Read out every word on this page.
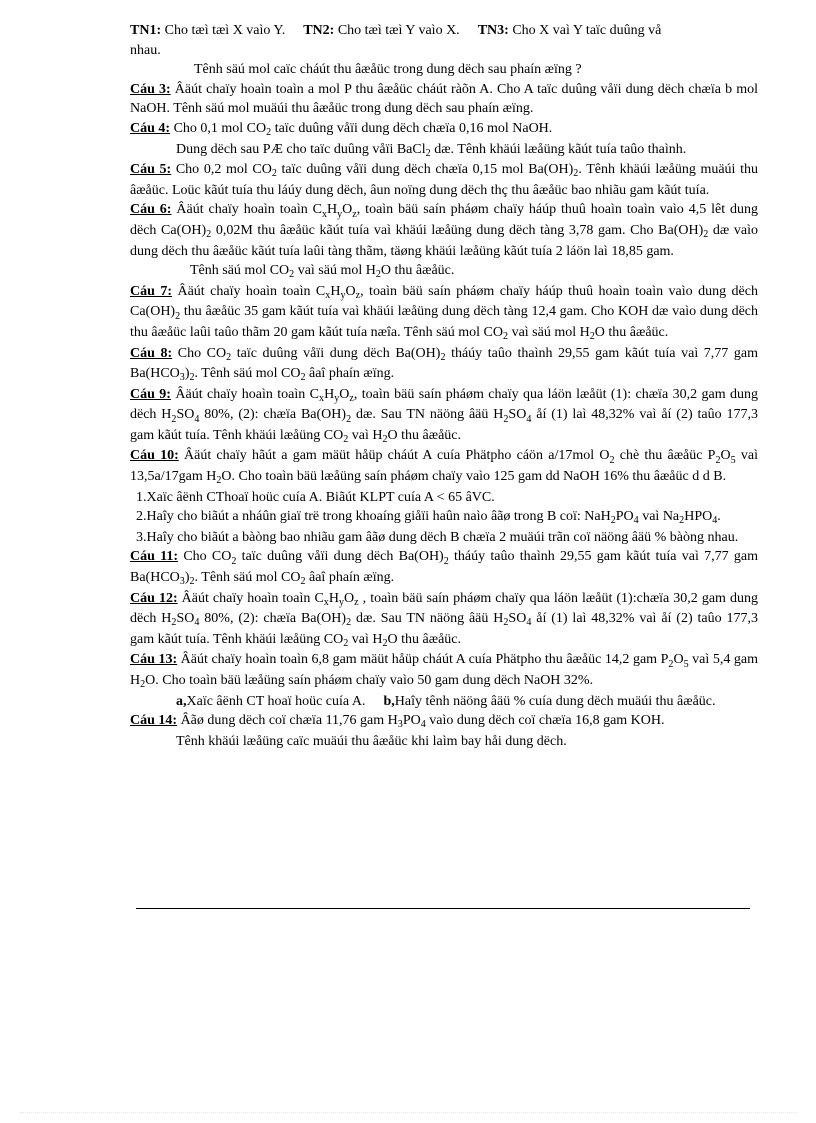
TN1: Cho tæì tæì X vaìo Y. TN2: Cho tæì tæì Y vaìo X. TN3: Cho X vaì Y taïc duûng vå

nhau.

Tênh säú mol caïc cháút thu âæåüc trong dung dëch sau phaín æïng ?

Cáu 3: Âäút chaïy hoaìn toaìn a mol P thu âæåüc cháút ràõn A. Cho A taïc duûng våïi dung dëch chæïa b mol NaOH. Tênh säú mol muäúi thu âæåüc trong dung dëch sau phaín æïng.

Cáu 4: Cho 0,1 mol $CO_2$ taïc duûng våïi dung dëch chæïa 0,16 mol NaOH.

Dung dëch sau PÆ cho taïc duûng våïi BaCl$_2$ dæ. Tênh khäúi læåüng kãút tuía taûo thaình.

Cáu 5: Cho 0,2 mol $CO_2$ taïc duûng våïi dung dëch chæïa 0,15 mol $Ba(OH)_2$. Tênh khäúi læåüng muäúi thu âæåüc. Loüc kãút tuía thu láúy dung dëch, âun noïng dung dëch thç thu âæåüc bao nhiãu gam kãút tuía.

Cáu 6: Âäút chaïy hoaìn toaìn $C_xH_yO_z$, toaìn bäü saín pháøm chaïy háúp thuû hoaìn toaìn vaìo 4,5 lêt dung dëch $Ca(OH)_2$ 0,02M thu âæåüc kãút tuía vaì khäúi læåüng dung dëch tàng 3,78 gam. Cho $Ba(OH)_2$ dæ vaìo dung dëch thu âæåüc kãút tuía laûi tàng thãm, täøng khäúi læåüng kãút tuía 2 láön laì 18,85 gam.

Tênh säú mol $CO_2$ vaì säú mol $H_2O$ thu âæåüc.

Cáu 7: Âäút chaïy hoaìn toaìn $C_xH_yO_z$, toaìn bäü saín pháøm chaïy háúp thuû hoaìn toaìn vaìo dung dëch $Ca(OH)_2$ thu âæåüc 35 gam kãút tuía vaì khäúi læåüng dung dëch tàng 12,4 gam. Cho KOH dæ vaìo dung dëch thu âæåüc laûi taûo thãm 20 gam kãút tuía næîa. Tênh säú mol $CO_2$ vaì säú mol $H_2O$ thu âæåüc.

Cáu 8: Cho $CO_2$ taïc duûng våïi dung dëch $Ba(OH)_2$ tháúy taûo thaình 29,55 gam kãút tuía vaì 7,77 gam $Ba(HCO_3)_2$. Tênh säú mol $CO_2$ âaî phaín æïng.

Cáu 9: Âäút chaïy hoaìn toaìn $C_xH_yO_z$, toaìn bäü saín pháøm chaïy qua láön læåüt (1): chæïa 30,2 gam dung dëch $H_2SO_4$ 80%, (2): chæïa $Ba(OH)_2$ dæ. Sau TN näöng âäü $H_2SO_4$ åí (1) laì 48,32% vaì åí (2) taûo 177,3 gam kãút tuía. Tênh khäúi læåüng $CO_2$ vaì $H_2O$ thu âæåüc.

Cáu 10: Âäút chaïy hãút a gam mäüt håüp cháút A cuía Phätpho cáön a/17mol $O_2$ chè thu âæåüc $P_2O_5$ vaì 13,5a/17gam $H_2O$. Cho toaìn bäü læåüng saín pháøm chaïy vaìo 125 gam dd NaOH 16% thu âæåüc d d B.

1.Xaïc âënh CThoaï hoüc cuía A. Biãút KLPT cuía A < 65 âVC.

2.Haîy cho biãút a nháûn giaï trë trong khoaíng giåïi haûn naìo âãø trong B coï: $NaH_2PO_4$ vaì $Na_2HPO_4$.

3.Haîy cho biãút a bàòng bao nhiãu gam âãø dung dëch B chæïa 2 muäúi trãn coï näöng âäü % bàòng nhau.

Cáu 11: Cho $CO_2$ taïc duûng våïi dung dëch $Ba(OH)_2$ tháúy taûo thaình 29,55 gam kãút tuía vaì 7,77 gam $Ba(HCO_3)_2$. Tênh säú mol $CO_2$ âaî phaín æïng.

Cáu 12: Âäút chaïy hoaìn toaìn $C_xH_yO_z$ , toaìn bäü saín pháøm chaïy qua láön læåüt (1):chæïa 30,2 gam dung dëch $H_2SO_4$ 80%, (2): chæïa $Ba(OH)_2$ dæ. Sau TN näöng âäü $H_2SO_4$ åí (1) laì 48,32% vaì åí (2) taûo 177,3 gam kãút tuía. Tênh khäúi læåüng $CO_2$ vaì $H_2O$ thu âæåüc.

Cáu 13: Âäút chaïy hoaìn toaìn 6,8 gam mäüt håüp cháút A cuía Phätpho thu âæåüc 14,2 gam $P_2O_5$ vaì 5,4 gam $H_2O$. Cho toaìn bäü læåüng saín pháøm chaïy vaìo 50 gam dung dëch NaOH 32%.

a,Xaïc âënh CT hoaï hoüc cuía A. b,Haîy tênh näöng âäü % cuía dung dëch muäúi thu âæåüc.

Cáu 14: Âãø dung dëch coï chæïa 11,76 gam $H_3PO_4$ vaìo dung dëch coï chæïa 16,8 gam KOH.

Tênh khäúi læåüng caïc muäúi thu âæåüc khi laìm bay håi dung dëch.
